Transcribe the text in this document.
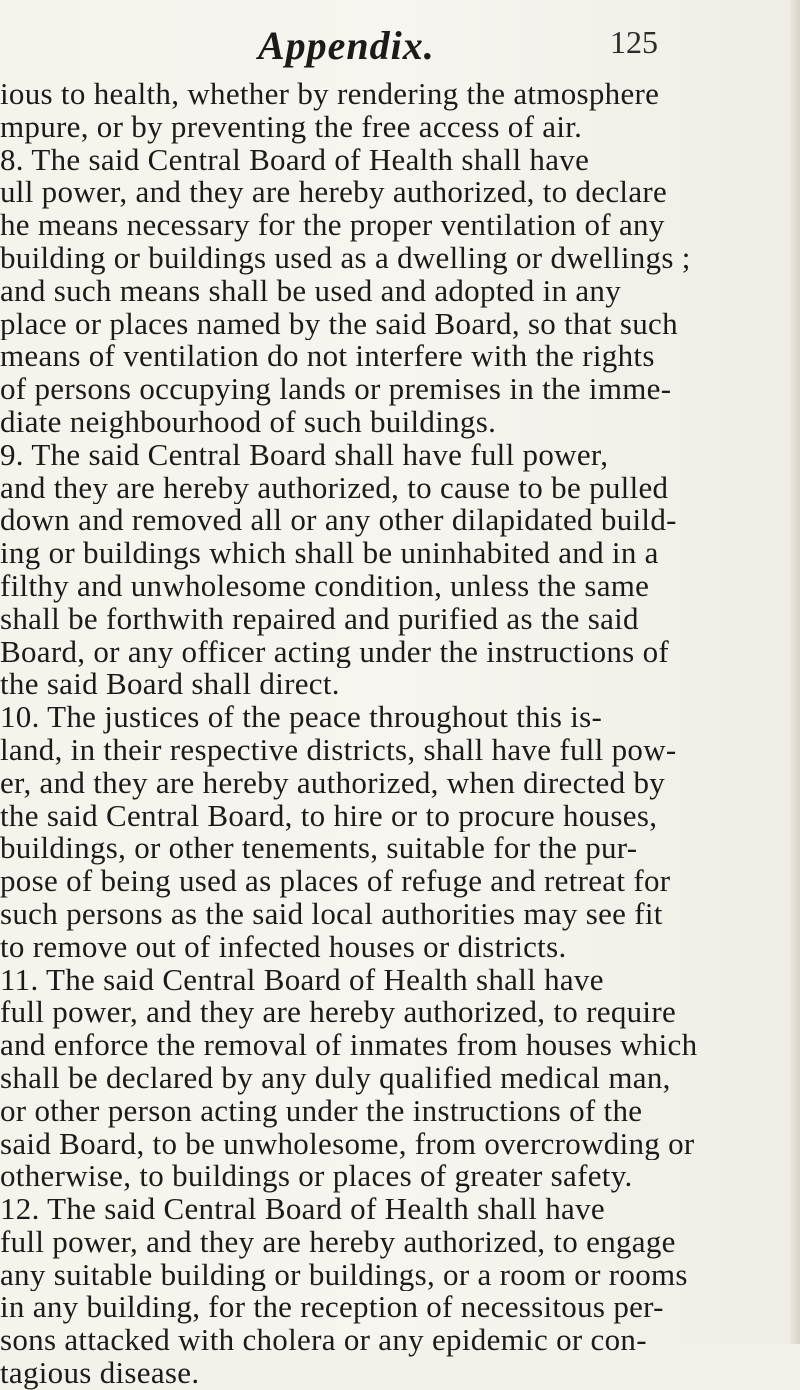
Appendix.	125
ious to health, whether by rendering the atmosphere
mpure, or by preventing the free access of air.
8. The said Central Board of Health shall have
ull power, and they are hereby authorized, to declare
he means necessary for the proper ventilation of any
building or buildings used as a dwelling or dwellings ;
and such means shall be used and adopted in any
place or places named by the said Board, so that such
means of ventilation do not interfere with the rights
of persons occupying lands or premises in the imme-
diate neighbourhood of such buildings.
9. The said Central Board shall have full power,
and they are hereby authorized, to cause to be pulled
down and removed all or any other dilapidated build-
ing or buildings which shall be uninhabited and in a
filthy and unwholesome condition, unless the same
shall be forthwith repaired and purified as the said
Board, or any officer acting under the instructions of
the said Board shall direct.
10. The justices of the peace throughout this is-
land, in their respective districts, shall have full pow-
er, and they are hereby authorized, when directed by
the said Central Board, to hire or to procure houses,
buildings, or other tenements, suitable for the pur-
pose of being used as places of refuge and retreat for
such persons as the said local authorities may see fit
to remove out of infected houses or districts.
11. The said Central Board of Health shall have
full power, and they are hereby authorized, to require
and enforce the removal of inmates from houses which
shall be declared by any duly qualified medical man,
or other person acting under the instructions of the
said Board, to be unwholesome, from overcrowding or
otherwise, to buildings or places of greater safety.
12. The said Central Board of Health shall have
full power, and they are hereby authorized, to engage
any suitable building or buildings, or a room or rooms
in any building, for the reception of necessitous per-
sons attacked with cholera or any epidemic or con-
tagious disease.
